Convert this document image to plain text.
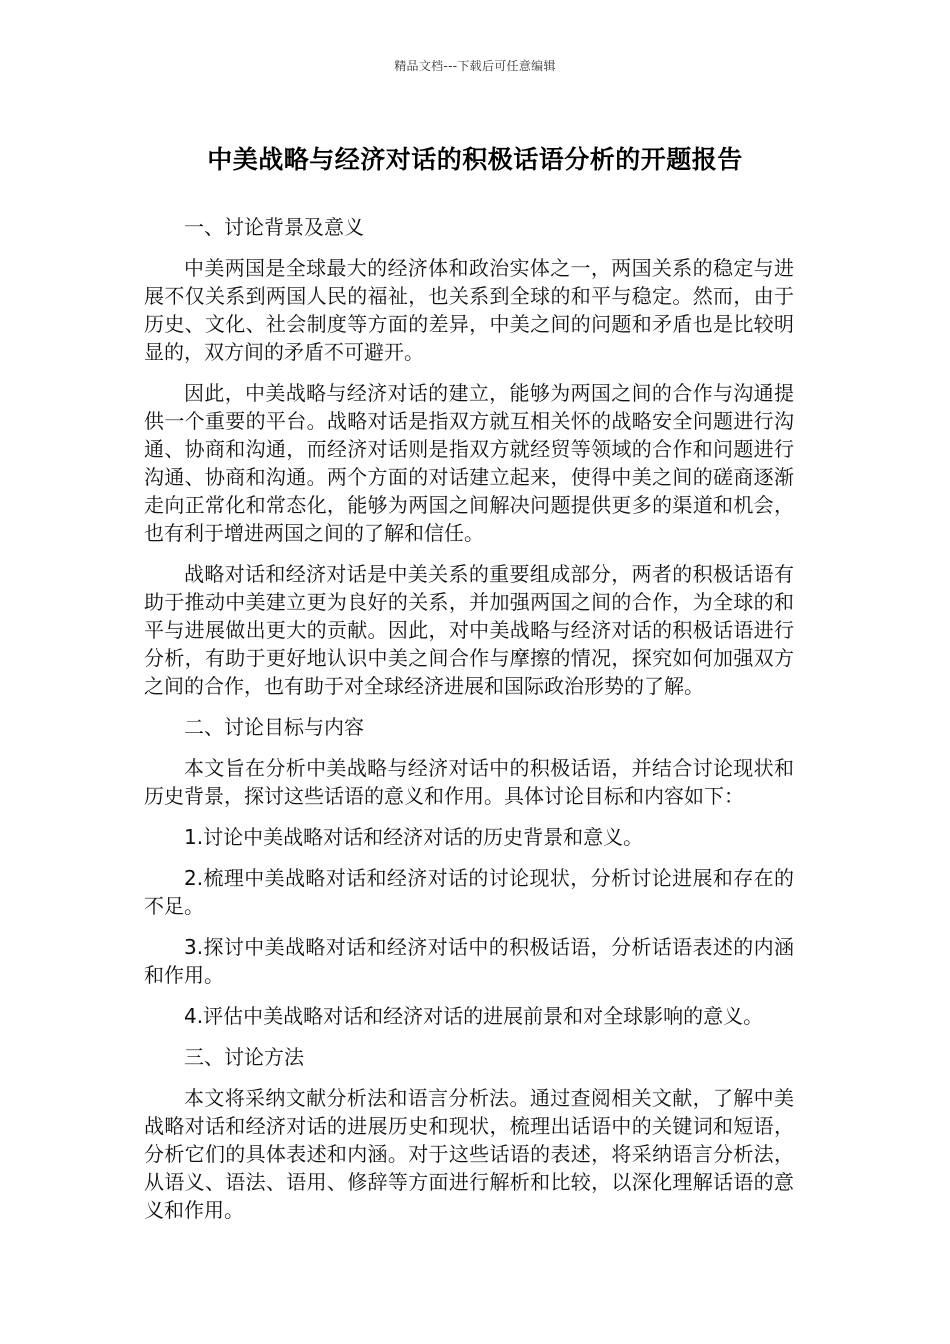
精品文档---下载后可任意编辑
中美战略与经济对话的积极话语分析的开题报告

一、讨论背景及意义

中美两国是全球最大的经济体和政治实体之一，两国关系的稳定与进展不仅关系到两国人民的福祉，也关系到全球的和平与稳定。然而，由于历史、文化、社会制度等方面的差异，中美之间的问题和矛盾也是比较明显的，双方间的矛盾不可避开。

因此，中美战略与经济对话的建立，能够为两国之间的合作与沟通提供一个重要的平台。战略对话是指双方就互相关怀的战略安全问题进行沟通、协商和沟通，而经济对话则是指双方就经贸等领域的合作和问题进行沟通、协商和沟通。两个方面的对话建立起来，使得中美之间的磋商逐渐走向正常化和常态化，能够为两国之间解决问题提供更多的渠道和机会，也有利于增进两国之间的了解和信任。

战略对话和经济对话是中美关系的重要组成部分，两者的积极话语有助于推动中美建立更为良好的关系，并加强两国之间的合作，为全球的和平与进展做出更大的贡献。因此，对中美战略与经济对话的积极话语进行分析，有助于更好地认识中美之间合作与摩擦的情况，探究如何加强双方之间的合作，也有助于对全球经济进展和国际政治形势的了解。

二、讨论目标与内容

本文旨在分析中美战略与经济对话中的积极话语，并结合讨论现状和历史背景，探讨这些话语的意义和作用。具体讨论目标和内容如下：

1.讨论中美战略对话和经济对话的历史背景和意义。

2.梳理中美战略对话和经济对话的讨论现状，分析讨论进展和存在的不足。

3.探讨中美战略对话和经济对话中的积极话语，分析话语表述的内涵和作用。

4.评估中美战略对话和经济对话的进展前景和对全球影响的意义。

三、讨论方法

本文将采纳文献分析法和语言分析法。通过查阅相关文献，了解中美战略对话和经济对话的进展历史和现状，梳理出话语中的关键词和短语，分析它们的具体表述和内涵。对于这些话语的表述，将采纳语言分析法，从语义、语法、语用、修辞等方面进行解析和比较，以深化理解话语的意义和作用。
